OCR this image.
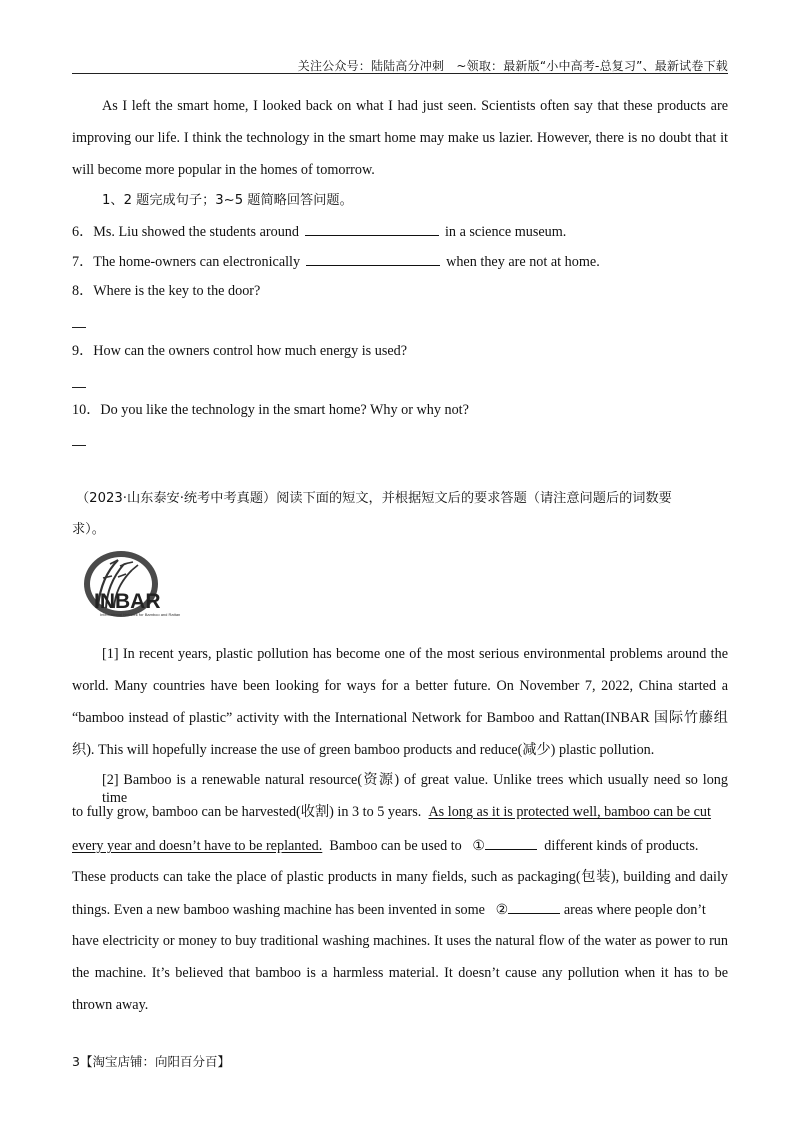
关注公众号：陆陆高分冲刺　~领取：最新版“小中高考-总复习”、最新试卷下载
As I left the smart home, I looked back on what I had just seen. Scientists often say that these products are
improving our life. I think the technology in the smart home may make us lazier. However, there is no doubt that it
will become more popular in the homes of tomorrow.
1、2 题完成句子；3~5 题简略回答问题。
6．Ms. Liu showed the students around	in a science museum.
7．The home-owners can electronically	when they are not at home.
8．Where is the key to the door?
9．How can the owners control how much energy is used?
10．Do you like the technology in the smart home? Why or why not?
（2023·山东泰安·统考中考真题）阅读下面的短文，并根据短文后的要求答题（请注意问题后的词数要
求）。
INBAR
International Network for Bamboo and Rattan
[1] In recent years, plastic pollution has become one of the most serious environmental problems around the
world. Many countries have been looking for ways for a better future. On November 7, 2022, China started a
“bamboo instead of plastic” activity with the International Network for Bamboo and Rattan(INBAR 国际竹藤组
织). This will hopefully increase the use of green bamboo products and reduce(减少) plastic pollution.
[2] Bamboo is a renewable natural resource(资源) of great value. Unlike trees which usually need so long time
to fully grow, bamboo can be harvested(收割) in 3 to 5 years. As long as it is protected well, bamboo can be cut
every year and doesn’t have to be replanted. Bamboo can be used to ①	different kinds of products.
These products can take the place of plastic products in many fields, such as packaging(包装), building and daily
things. Even a new bamboo washing machine has been invented in some ②	areas where people don’t
have electricity or money to buy traditional washing machines. It uses the natural flow of the water as power to run
the machine. It’s believed that bamboo is a harmless material. It doesn’t cause any pollution when it has to be
thrown away.
3【淘宝店铺：向阳百分百】
